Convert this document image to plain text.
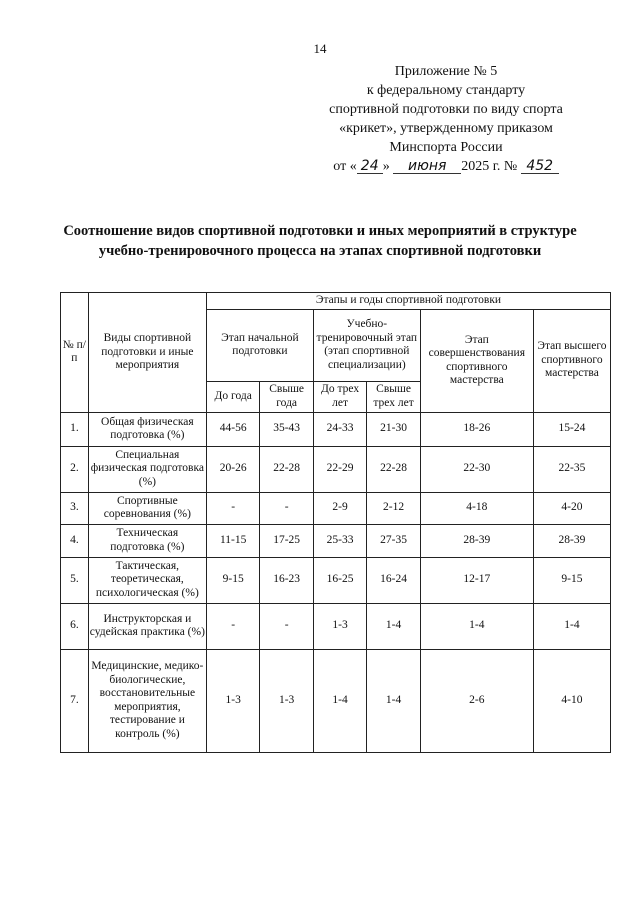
14
Приложение № 5
к федеральному стандарту
спортивной подготовки по виду спорта
«крикет», утвержденному приказом
Минспорта России
от « 24 » июня 2025 г. № 452
Соотношение видов спортивной подготовки и иных мероприятий в структуре учебно-тренировочного процесса на этапах спортивной подготовки
№ п/п	Виды спортивной подготовки и иные мероприятия	Этапы и годы спортивной подготовки					
		Этап начальной подготовки		Учебно-тренировочный этап (этап спортивной специализации)		Этап совершенствования спортивного мастерства	Этап высшего спортивного мастерства
		До года	Свыше года	До трех лет	Свыше трех лет		
1.	Общая физическая подготовка (%)	44-56	35-43	24-33	21-30	18-26	15-24
2.	Специальная физическая подготовка (%)	20-26	22-28	22-29	22-28	22-30	22-35
3.	Спортивные соревнования (%)	-	-	2-9	2-12	4-18	4-20
4.	Техническая подготовка (%)	11-15	17-25	25-33	27-35	28-39	28-39
5.	Тактическая, теоретическая, психологическая (%)	9-15	16-23	16-25	16-24	12-17	9-15
6.	Инструкторская и судейская практика (%)	-	-	1-3	1-4	1-4	1-4
7.	Медицинские, медико-биологические, восстановительные мероприятия, тестирование и контроль (%)	1-3	1-3	1-4	1-4	2-6	4-10
